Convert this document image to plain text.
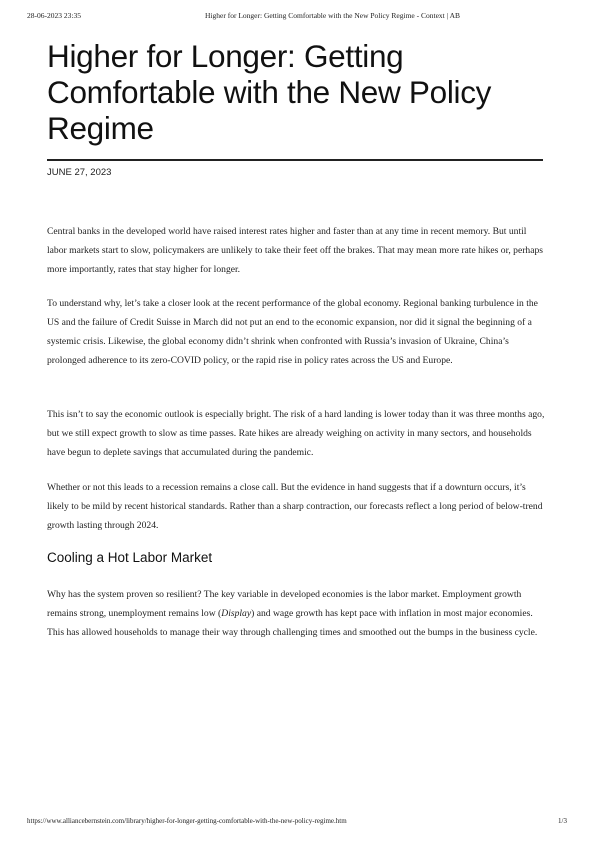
28-06-2023 23:35	Higher for Longer: Getting Comfortable with the New Policy Regime - Context | AB
Higher for Longer: Getting Comfortable with the New Policy Regime
JUNE 27, 2023

Central banks in the developed world have raised interest rates higher and faster than at any time in recent memory. But until labor markets start to slow, policymakers are unlikely to take their feet off the brakes. That may mean more rate hikes or, perhaps more importantly, rates that stay higher for longer.

To understand why, let’s take a closer look at the recent performance of the global economy. Regional banking turbulence in the US and the failure of Credit Suisse in March did not put an end to the economic expansion, nor did it signal the beginning of a systemic crisis. Likewise, the global economy didn’t shrink when confronted with Russia’s invasion of Ukraine, China’s prolonged adherence to its zero-COVID policy, or the rapid rise in policy rates across the US and Europe.

This isn’t to say the economic outlook is especially bright. The risk of a hard landing is lower today than it was three months ago, but we still expect growth to slow as time passes. Rate hikes are already weighing on activity in many sectors, and households have begun to deplete savings that accumulated during the pandemic.

Whether or not this leads to a recession remains a close call. But the evidence in hand suggests that if a downturn occurs, it’s likely to be mild by recent historical standards. Rather than a sharp contraction, our forecasts reflect a long period of below-trend growth lasting through 2024.

Cooling a Hot Labor Market

Why has the system proven so resilient? The key variable in developed economies is the labor market. Employment growth remains strong, unemployment remains low (Display) and wage growth has kept pace with inflation in most major economies. This has allowed households to manage their way through challenging times and smoothed out the bumps in the business cycle.

https://www.alliancebernstein.com/library/higher-for-longer-getting-comfortable-with-the-new-policy-regime.htm	1/3
